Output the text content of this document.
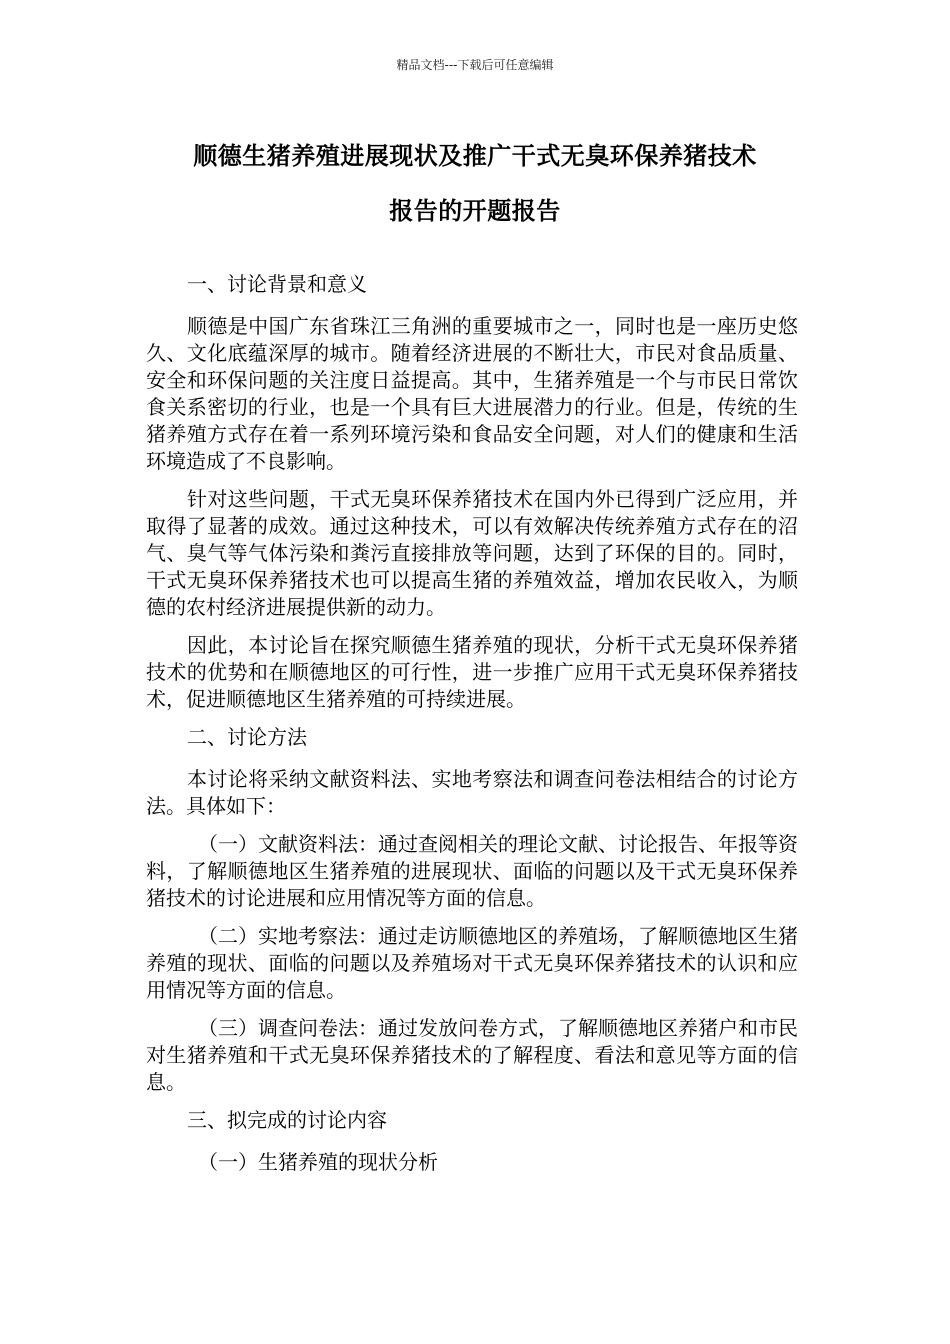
精品文档---下载后可任意编辑
顺德生猪养殖进展现状及推广干式无臭环保养猪技术
报告的开题报告

一、讨论背景和意义

顺德是中国广东省珠江三角洲的重要城市之一，同时也是一座历史悠久、文化底蕴深厚的城市。随着经济进展的不断壮大，市民对食品质量、安全和环保问题的关注度日益提高。其中，生猪养殖是一个与市民日常饮食关系密切的行业，也是一个具有巨大进展潜力的行业。但是，传统的生猪养殖方式存在着一系列环境污染和食品安全问题，对人们的健康和生活环境造成了不良影响。

针对这些问题，干式无臭环保养猪技术在国内外已得到广泛应用，并取得了显著的成效。通过这种技术，可以有效解决传统养殖方式存在的沼气、臭气等气体污染和粪污直接排放等问题，达到了环保的目的。同时，干式无臭环保养猪技术也可以提高生猪的养殖效益，增加农民收入，为顺德的农村经济进展提供新的动力。

因此，本讨论旨在探究顺德生猪养殖的现状，分析干式无臭环保养猪技术的优势和在顺德地区的可行性，进一步推广应用干式无臭环保养猪技术，促进顺德地区生猪养殖的可持续进展。

二、讨论方法

本讨论将采纳文献资料法、实地考察法和调查问卷法相结合的讨论方法。具体如下：

（一）文献资料法：通过查阅相关的理论文献、讨论报告、年报等资料，了解顺德地区生猪养殖的进展现状、面临的问题以及干式无臭环保养猪技术的讨论进展和应用情况等方面的信息。

（二）实地考察法：通过走访顺德地区的养殖场，了解顺德地区生猪养殖的现状、面临的问题以及养殖场对干式无臭环保养猪技术的认识和应用情况等方面的信息。

（三）调查问卷法：通过发放问卷方式，了解顺德地区养猪户和市民对生猪养殖和干式无臭环保养猪技术的了解程度、看法和意见等方面的信息。

三、拟完成的讨论内容

（一）生猪养殖的现状分析
